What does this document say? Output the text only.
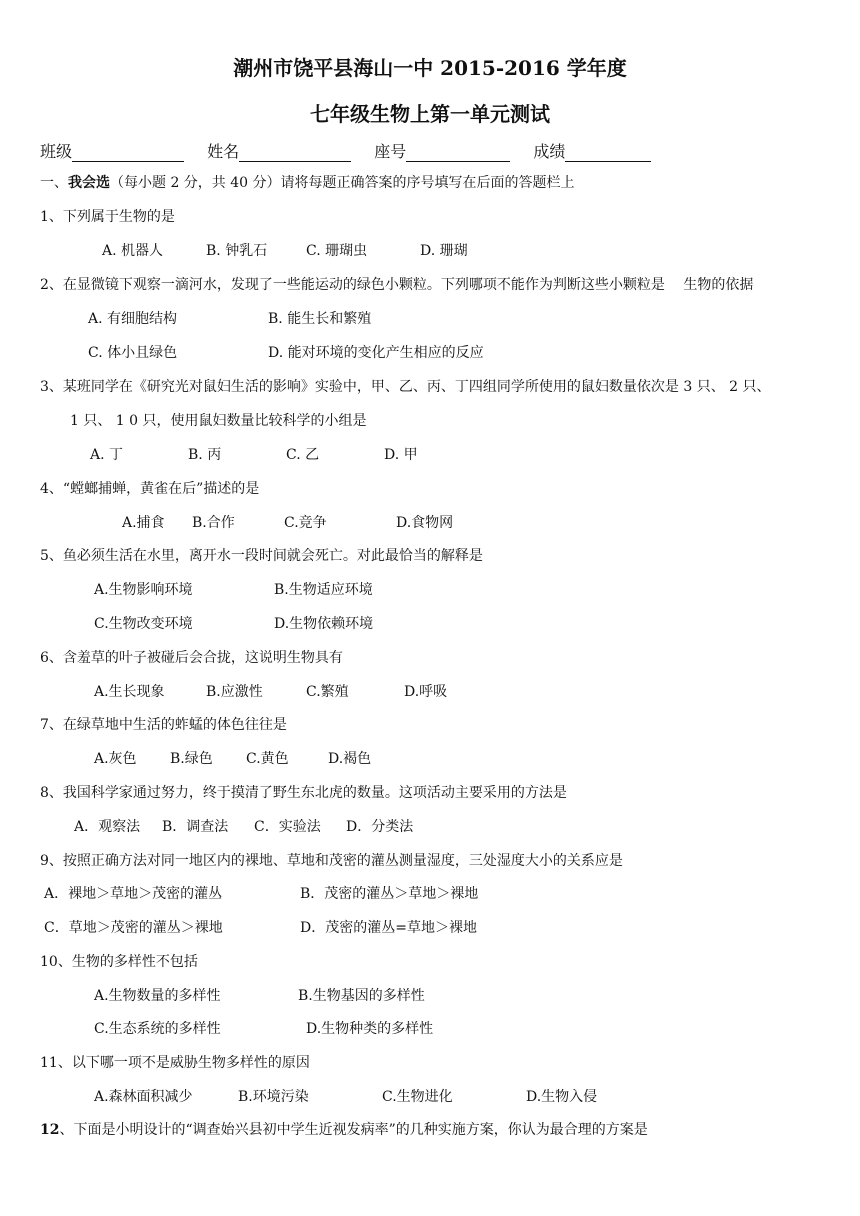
潮州市饶平县海山一中 2015-2016 学年度
七年级生物上第一单元测试
班级	姓名	座号	成绩
一、我会选（每小题 2 分，共 40 分）请将每题正确答案的序号填写在后面的答题栏上
1、下列属于生物的是
A. 机器人	B. 钟乳石	C. 珊瑚虫	D. 珊瑚
2、在显微镜下观察一滴河水，发现了一些能运动的绿色小颗粒。下列哪项不能作为判断这些小颗粒是　 生物的依据
A. 有细胞结构	B. 能生长和繁殖
C. 体小且绿色	D. 能对环境的变化产生相应的反应
3、某班同学在《研究光对鼠妇生活的影响》实验中，甲、乙、丙、丁四组同学所使用的鼠妇数量依次是 3 只、 2 只、
1 只、 1 0 只，使用鼠妇数量比较科学的小组是
A. 丁	B. 丙	C. 乙	D. 甲
4、“螳螂捕蝉，黄雀在后”描述的是
A.捕食 B.合作	C.竞争	D.食物网
5、鱼必须生活在水里，离开水一段时间就会死亡。对此最恰当的解释是
A.生物影响环境	B.生物适应环境
C.生物改变环境	D.生物依赖环境
6、含羞草的叶子被碰后会合拢，这说明生物具有
A.生长现象	B.应激性	C.繁殖	D.呼吸
7、在绿草地中生活的蚱蜢的体色往往是
A.灰色 B.绿色 C.黄色	D.褐色
8、我国科学家通过努力，终于摸清了野生东北虎的数量。这项活动主要采用的方法是
A．观察法 B．调查法 C．实验法 D．分类法
9、按照正确方法对同一地区内的裸地、草地和茂密的灌丛测量湿度，三处湿度大小的关系应是
A．裸地＞草地＞茂密的灌丛	B．茂密的灌丛＞草地＞裸地
C．草地＞茂密的灌丛＞裸地	D．茂密的灌丛=草地＞裸地
10、生物的多样性不包括
A.生物数量的多样性	B.生物基因的多样性
C.生态系统的多样性	D.生物种类的多样性
11、以下哪一项不是威胁生物多样性的原因
A.森林面积减少	B.环境污染	C.生物进化	D.生物入侵
12、下面是小明设计的“调查始兴县初中学生近视发病率”的几种实施方案，你认为最合理的方案是
